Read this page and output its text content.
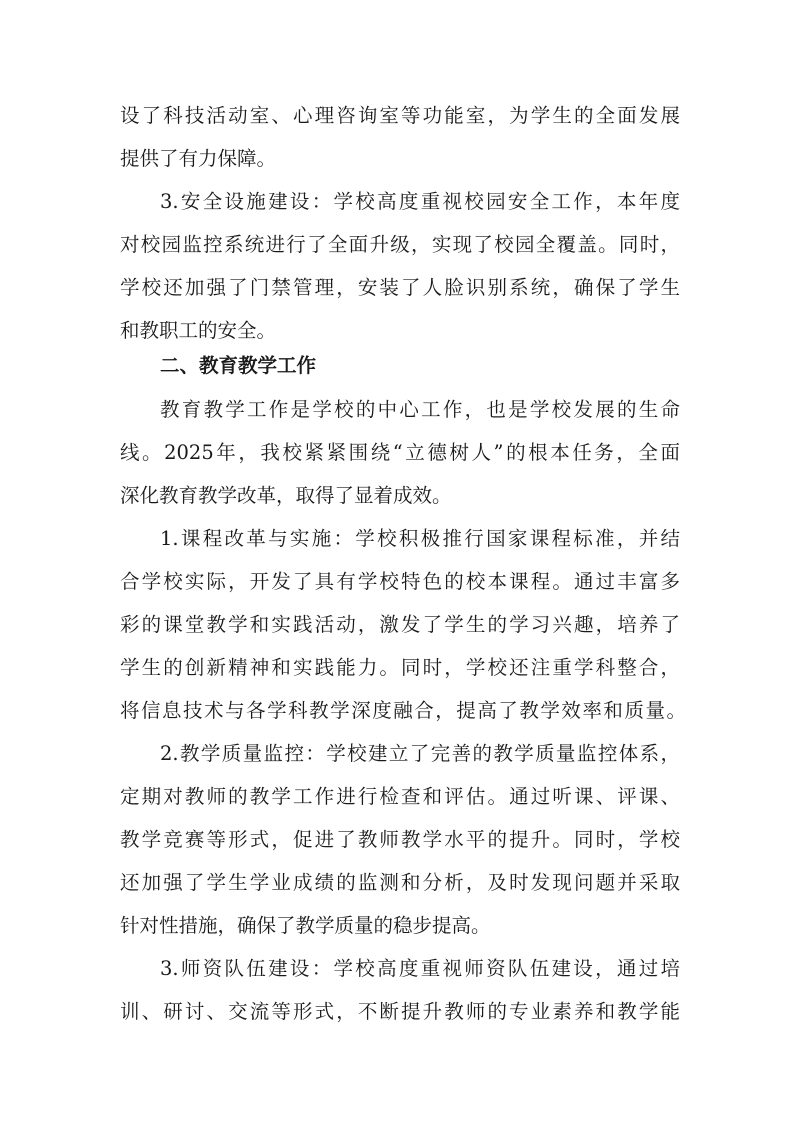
设了科技活动室、心理咨询室等功能室，为学生的全面发展
提供了有力保障。
3.安全设施建设：学校高度重视校园安全工作，本年度
对校园监控系统进行了全面升级，实现了校园全覆盖。同时，
学校还加强了门禁管理，安装了人脸识别系统，确保了学生
和教职工的安全。
二、教育教学工作
教育教学工作是学校的中心工作，也是学校发展的生命
线。2025年，我校紧紧围绕“立德树人”的根本任务，全面
深化教育教学改革，取得了显着成效。
1.课程改革与实施：学校积极推行国家课程标准，并结
合学校实际，开发了具有学校特色的校本课程。通过丰富多
彩的课堂教学和实践活动，激发了学生的学习兴趣，培养了
学生的创新精神和实践能力。同时，学校还注重学科整合，
将信息技术与各学科教学深度融合，提高了教学效率和质量。
2.教学质量监控：学校建立了完善的教学质量监控体系，
定期对教师的教学工作进行检查和评估。通过听课、评课、
教学竞赛等形式，促进了教师教学水平的提升。同时，学校
还加强了学生学业成绩的监测和分析，及时发现问题并采取
针对性措施，确保了教学质量的稳步提高。
3.师资队伍建设：学校高度重视师资队伍建设，通过培
训、研讨、交流等形式，不断提升教师的专业素养和教学能
